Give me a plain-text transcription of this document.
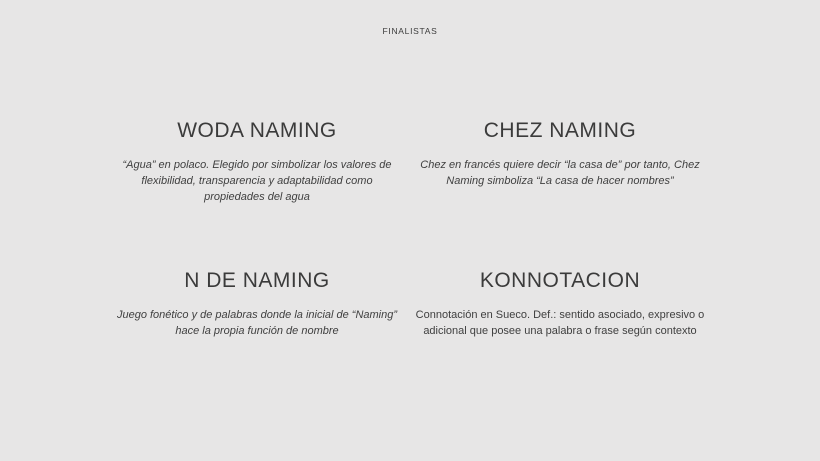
FINALISTAS
WODA NAMING
“Agua” en polaco. Elegido por simbolizar los valores de flexibilidad, transparencia y adaptabilidad como propiedades del agua
CHEZ NAMING
Chez en francés quiere decir “la casa de” por tanto, Chez Naming simboliza “La casa de hacer nombres”
N DE NAMING
Juego fonético y de palabras donde la inicial de “Naming” hace la propia función de nombre
KONNOTACION
Connotación en Sueco. Def.: sentido asociado, expresivo o adicional que posee una palabra o frase según contexto
